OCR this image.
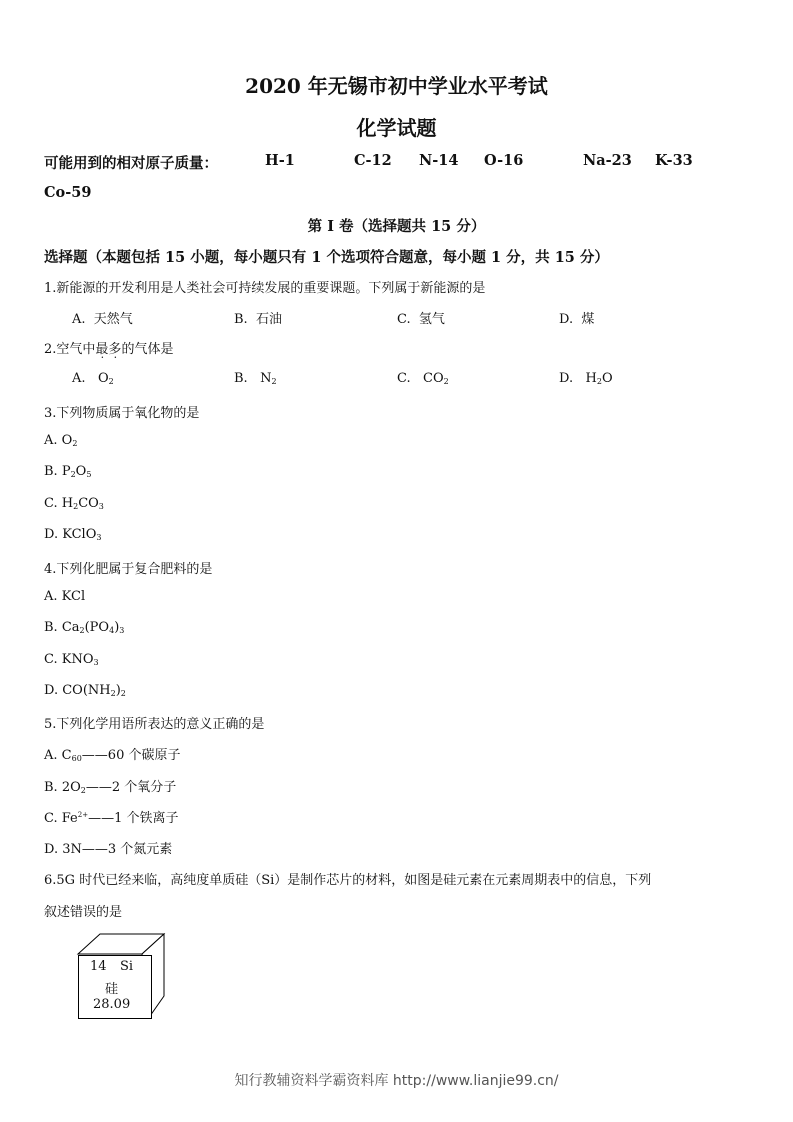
2020 年无锡市初中学业水平考试
化学试题
可能用到的相对原子质量：	H-1	C-12 N-14 O-16	Na-23 K-33
Co-59
第 I 卷（选择题共 15 分）
选择题（本题包括 15 小题，每小题只有 1 个选项符合题意，每小题 1 分，共 15 分）
1.新能源的开发利用是人类社会可持续发展的重要课题。下列属于新能源的是
A. 天然气	B. 石油	C. 氢气	D. 煤
2.空气中最多的气体是
A. $O_2$	B. $N_2$	C. $CO_2$	D. $H_2O$
3.下列物质属于氧化物的是
A. $O_2$
B. $P_2O_5$
C. $H_2CO_3$
D. KClO$_3$
4.下列化肥属于复合肥料的是
A. KCl
B. $Ca_2(PO_4)_3$
C. $KNO_3$
D. $CO(NH_2)_2$
5.下列化学用语所表达的意义正确的是
A. $C_{60}——60$ 个碳原子
B. $2O_2——2$ 个氧分子
C. $Fe^{2+}——1$ 个铁离子
D. 3N——3 个氮元素
6.5G 时代已经来临，高纯度单质硅（Si）是制作芯片的材料，如图是硅元素在元素周期表中的信息，下列
叙述错误的是
14 Si
硅
28.09
知行教辅资料学霸资料库 http://www.lianjie99.cn/
